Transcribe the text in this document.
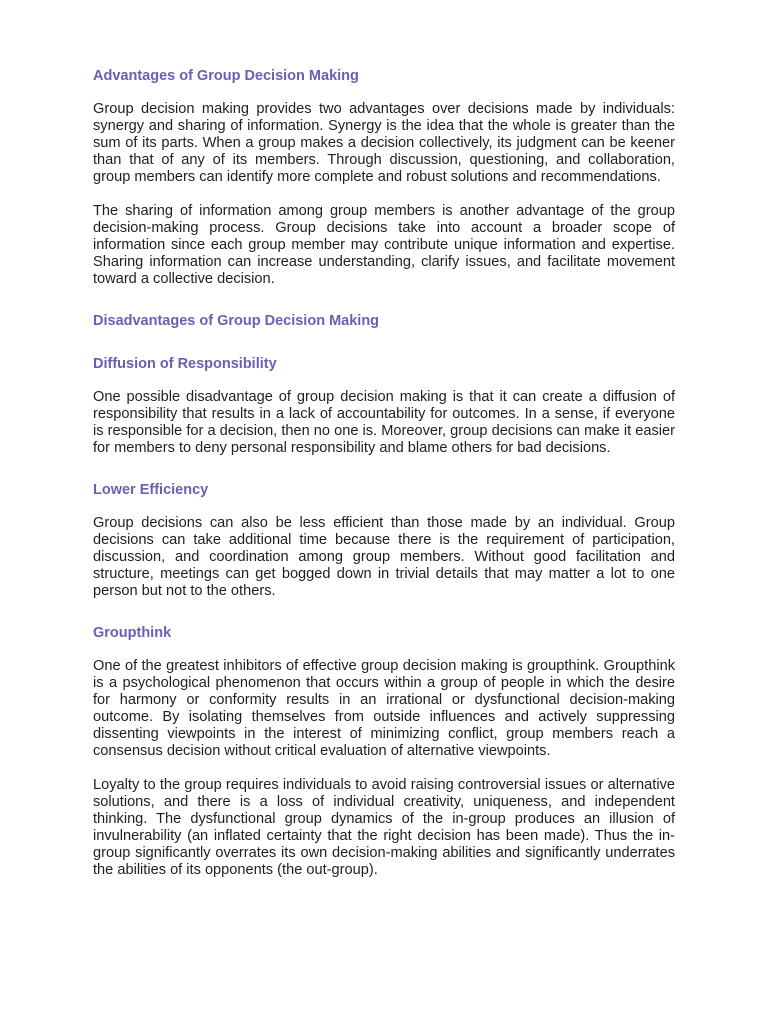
Advantages of Group Decision Making

Group decision making provides two advantages over decisions made by individuals: synergy and sharing of information. Synergy is the idea that the whole is greater than the sum of its parts. When a group makes a decision collectively, its judgment can be keener than that of any of its members. Through discussion, questioning, and collaboration, group members can identify more complete and robust solutions and recommendations.

The sharing of information among group members is another advantage of the group decision-making process. Group decisions take into account a broader scope of information since each group member may contribute unique information and expertise. Sharing information can increase understanding, clarify issues, and facilitate movement toward a collective decision.

Disadvantages of Group Decision Making
Diffusion of Responsibility

One possible disadvantage of group decision making is that it can create a diffusion of responsibility that results in a lack of accountability for outcomes. In a sense, if everyone is responsible for a decision, then no one is. Moreover, group decisions can make it easier for members to deny personal responsibility and blame others for bad decisions.

Lower Efficiency

Group decisions can also be less efficient than those made by an individual. Group decisions can take additional time because there is the requirement of participation, discussion, and coordination among group members. Without good facilitation and structure, meetings can get bogged down in trivial details that may matter a lot to one person but not to the others.

Groupthink

One of the greatest inhibitors of effective group decision making is groupthink. Groupthink is a psychological phenomenon that occurs within a group of people in which the desire for harmony or conformity results in an irrational or dysfunctional decision-making outcome. By isolating themselves from outside influences and actively suppressing dissenting viewpoints in the interest of minimizing conflict, group members reach a consensus decision without critical evaluation of alternative viewpoints.

Loyalty to the group requires individuals to avoid raising controversial issues or alternative solutions, and there is a loss of individual creativity, uniqueness, and independent thinking. The dysfunctional group dynamics of the in-group produces an illusion of invulnerability (an inflated certainty that the right decision has been made). Thus the in-group significantly overrates its own decision-making abilities and significantly underrates the abilities of its opponents (the out-group).
